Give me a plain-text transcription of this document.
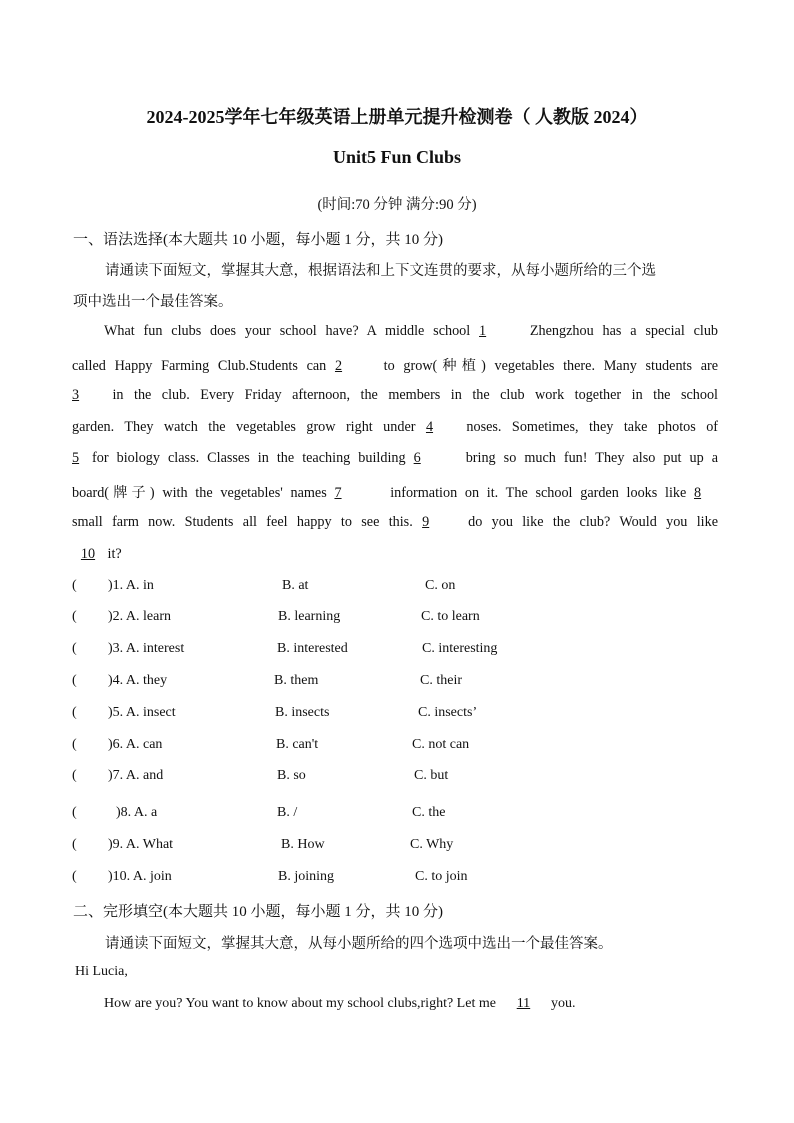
2024-2025学年七年级英语上册单元提升检测卷（ 人教版 2024）
Unit5 Fun Clubs
(时间:70 分钟 满分:90 分)
一、语法选择(本大题共 10 小题，每小题 1 分，共 10 分)
请通读下面短文，掌握其大意，根据语法和上下文连贯的要求，从每小题所给的三个选
项中选出一个最佳答案。
What fun clubs does your school have? A middle school 1	Zhengzhou has a special club
called Happy Farming Club.Students can 2	to grow(种植) vegetables there. Many students are
3 in the club. Every Friday afternoon, the members in the club work together in the school
garden. They watch the vegetables grow right under 4 noses. Sometimes, they take photos of
5 for biology class. Classes in the teaching building 6	bring so much fun! They also put up a
board(牌子) with the vegetables' names 7	information on it. The school garden looks like 8
small farm now. Students all feel happy to see this. 9	do you like the club? Would you like
10 it?
( )1. A. in	B. at	C. on
( )2. A. learn	B. learning	C. to learn
( )3. A. interest	B. interested	C. interesting
( )4. A. they	B. them	C. their
( )5. A. insect	B. insects	C. insects’
( )6. A. can	B. can't	C. not can
( )7. A. and	B. so	C. but
(	)8. A. a	B. /	C. the
( )9. A. What	B. How	C. Why
( )10. A. join	B. joining	C. to join
二、完形填空(本大题共 10 小题，每小题 1 分，共 10 分)
请通读下面短文，掌握其大意，从每小题所给的四个选项中选出一个最佳答案。
Hi Lucia,
How are you? You want to know about my school clubs,right? Let me 11 you.
